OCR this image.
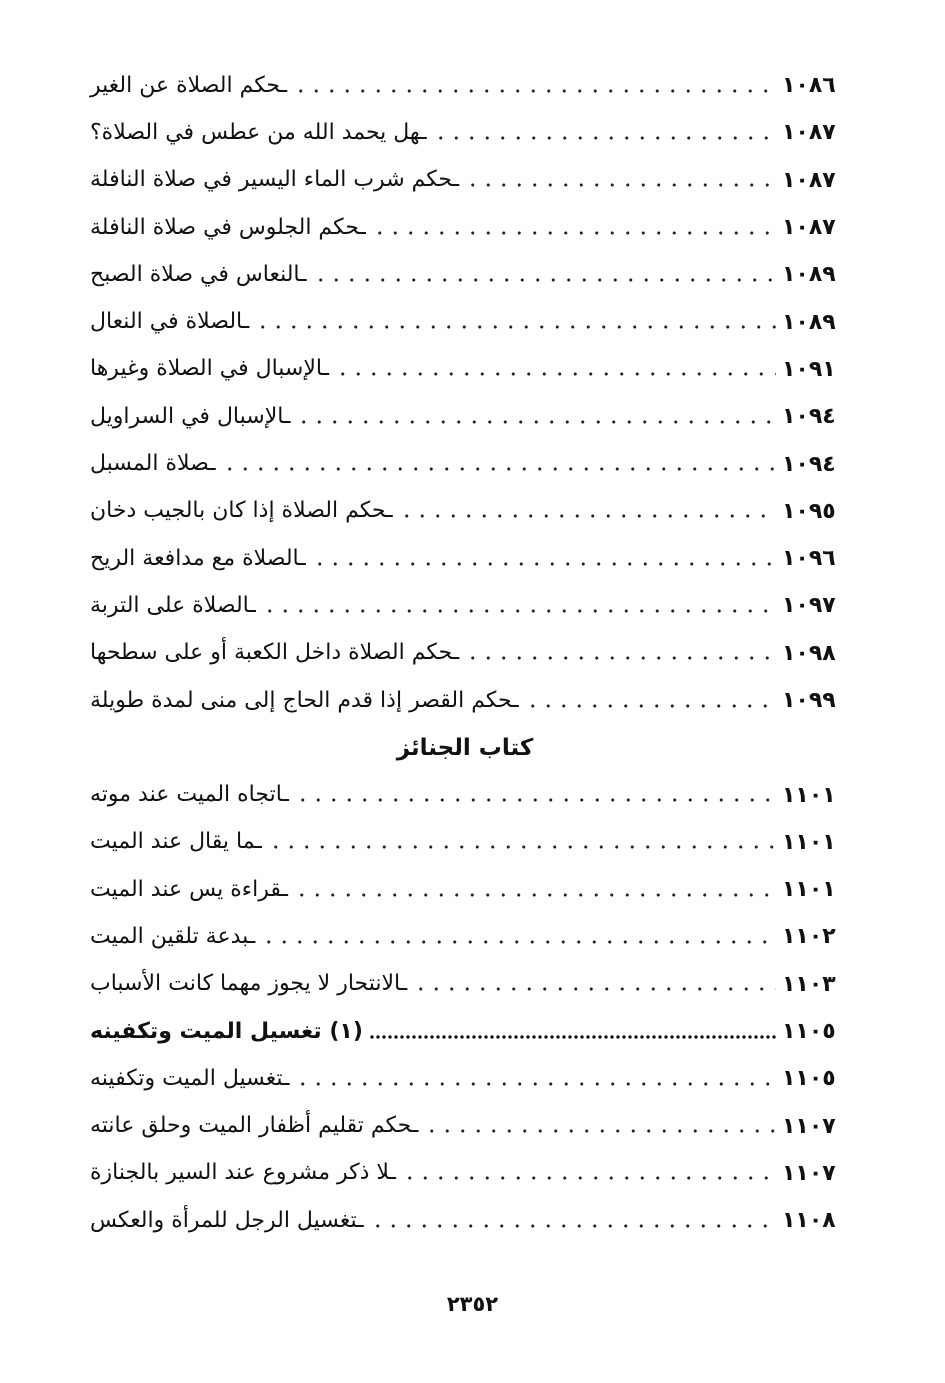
ـحكم الصلاة عن الغير	١٠٨٦
ـهل يحمد الله من عطس في الصلاة؟	١٠٨٧
ـحكم شرب الماء اليسير في صلاة النافلة	١٠٨٧
ـحكم الجلوس في صلاة النافلة	١٠٨٧
ـالنعاس في صلاة الصبح	١٠٨٩
ـالصلاة في النعال	١٠٨٩
ـالإسبال في الصلاة وغيرها	١٠٩١
ـالإسبال في السراويل	١٠٩٤
ـصلاة المسبل	١٠٩٤
ـحكم الصلاة إذا كان بالجيب دخان	١٠٩٥
ـالصلاة مع مدافعة الريح	١٠٩٦
ـالصلاة على التربة	١٠٩٧
ـحكم الصلاة داخل الكعبة أو على سطحها	١٠٩٨
ـحكم القصر إذا قدم الحاج إلى منى لمدة طويلة	١٠٩٩
كتاب الجنائز
ـاتجاه الميت عند موته	١١٠١
ـما يقال عند الميت	١١٠١
ـقراءة يس عند الميت	١١٠١
ـبدعة تلقين الميت	١١٠٢
ـالانتحار لا يجوز مهما كانت الأسباب	١١٠٣
(١) تغسيل الميت وتكفينه	١١٠٥
ـتغسيل الميت وتكفينه	١١٠٥
ـحكم تقليم أظفار الميت وحلق عانته	١١٠٧
ـلا ذكر مشروع عند السير بالجنازة	١١٠٧
ـتغسيل الرجل للمرأة والعكس	١١٠٨
٢٣٥٢
